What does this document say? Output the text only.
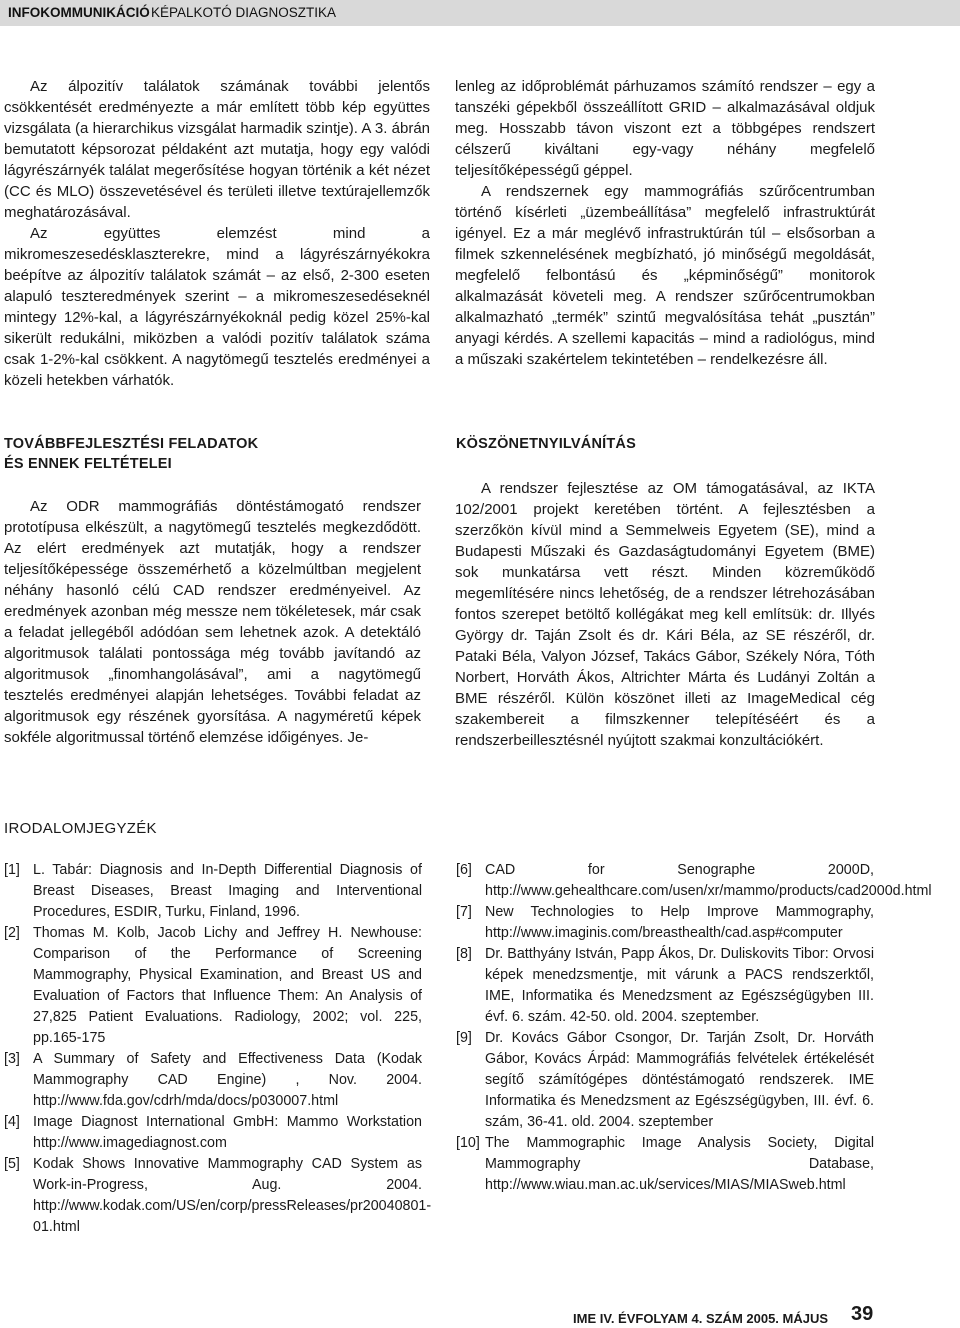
INFOKOMMUNIKÁCIÓ KÉPALKOTÓ DIAGNOSZTIKA

Az álpozitív találatok számának további jelentős csökkentését eredményezte a már említett több kép együttes vizsgálata (a hierarchikus vizsgálat harmadik szintje). A 3. ábrán bemutatott képsorozat példaként azt mutatja, hogy egy valódi lágyrészárnyék találat megerősítése hogyan történik a két nézet (CC és MLO) összevetésével és területi illetve textúrajellemzők meghatározásával.

Az együttes elemzést mind a mikromeszesedésklaszterekre, mind a lágyrészárnyékokra beépítve az álpozitív találatok számát – az első, 2-300 eseten alapuló teszteredmények szerint – a mikromeszesedéseknél mintegy 12%-kal, a lágyrészárnyékoknál pedig közel 25%-kal sikerült redukálni, miközben a valódi pozitív találatok száma csak 1-2%-kal csökkent. A nagytömegű tesztelés eredményei a közeli hetekben várhatók.

lenleg az időproblémát párhuzamos számító rendszer – egy a tanszéki gépekből összeállított GRID – alkalmazásával oldjuk meg. Hosszabb távon viszont ezt a többgépes rendszert célszerű kiváltani egy-vagy néhány megfelelő teljesítőképességű géppel.

A rendszernek egy mammográfiás szűrőcentrumban történő kísérleti „üzembeállítása” megfelelő infrastruktúrát igényel. Ez a már meglévő infrastruktúrán túl – elsősorban a filmek szkennelésének megbízható, jó minőségű megoldását, megfelelő felbontású és „képminőségű” monitorok alkalmazását követeli meg. A rendszer szűrőcentrumokban alkalmazható „termék” szintű megvalósítása tehát „pusztán” anyagi kérdés. A szellemi kapacitás – mind a radiológus, mind a műszaki szakértelem tekintetében – rendelkezésre áll.

TOVÁBBFEJLESZTÉSI FELADATOK
ÉS ENNEK FELTÉTELEI
KÖSZÖNETNYILVÁNÍTÁS

Az ODR mammográfiás döntéstámogató rendszer prototípusa elkészült, a nagytömegű tesztelés megkezdődött. Az elért eredmények azt mutatják, hogy a rendszer teljesítőképessége összemérhető a közelmúltban megjelent néhány hasonló célú CAD rendszer eredményeivel. Az eredmények azonban még messze nem tökéletesek, már csak a feladat jellegéből adódóan sem lehetnek azok. A detektáló algoritmusok találati pontossága még tovább javítandó az algoritmusok „finomhangolásával”, ami a nagytömegű tesztelés eredményei alapján lehetséges. További feladat az algoritmusok egy részének gyorsítása. A nagyméretű képek sokféle algoritmussal történő elemzése időigényes. Je-

A rendszer fejlesztése az OM támogatásával, az IKTA 102/2001 projekt keretében történt. A fejlesztésben a szerzőkön kívül mind a Semmelweis Egyetem (SE), mind a Budapesti Műszaki és Gazdaságtudományi Egyetem (BME) sok munkatársa vett részt. Minden közreműködő megemlítésére nincs lehetőség, de a rendszer létrehozásában fontos szerepet betöltő kollégákat meg kell említsük: dr. Illyés György dr. Taján Zsolt és dr. Kári Béla, az SE részéről, dr. Pataki Béla, Valyon József, Takács Gábor, Székely Nóra, Tóth Norbert, Horváth Ákos, Altrichter Márta és Ludányi Zoltán a BME részéről. Külön köszönet illeti az ImageMedical cég szakembereit a filmszkenner telepítéséért és a rendszerbeillesztésnél nyújtott szakmai konzultációkért.

IRODALOMJEGYZÉK
[1] L. Tabár: Diagnosis and In-Depth Differential Diagnosis of Breast Diseases, Breast Imaging and Interventional Procedures, ESDIR, Turku, Finland, 1996.
[2] Thomas M. Kolb, Jacob Lichy and Jeffrey H. Newhouse: Comparison of the Performance of Screening Mammography, Physical Examination, and Breast US and Evaluation of Factors that Influence Them: An Analysis of 27,825 Patient Evaluations. Radiology, 2002; vol. 225, pp.165-175
[3] A Summary of Safety and Effectiveness Data (Kodak Mammography CAD Engine) , Nov. 2004. http://www.fda.gov/cdrh/mda/docs/p030007.html
[4] Image Diagnost International GmbH: Mammo Workstation http://www.imagediagnost.com
[5] Kodak Shows Innovative Mammography CAD System as Work-in-Progress, Aug. 2004. http://www.kodak.com/US/en/corp/pressReleases/pr20040801-01.html
[6] CAD for Senographe 2000D, http://www.gehealthcare.com/usen/xr/mammo/products/cad2000d.html
[7] New Technologies to Help Improve Mammography, http://www.imaginis.com/breasthealth/cad.asp#computer
[8] Dr. Batthyány István, Papp Ákos, Dr. Duliskovits Tibor: Orvosi képek menedzsmentje, mit várunk a PACS rendszerktől, IME, Informatika és Menedzsment az Egészségügyben III. évf. 6. szám. 42-50. old. 2004. szeptember.
[9] Dr. Kovács Gábor Csongor, Dr. Tarján Zsolt, Dr. Horváth Gábor, Kovács Árpád: Mammográfiás felvételek értékelését segítő számítógépes döntéstámogató rendszerek. IME Informatika és Menedzsment az Egészségügyben, III. évf. 6. szám, 36-41. old. 2004. szeptember
[10] The Mammographic Image Analysis Society, Digital Mammography Database, http://www.wiau.man.ac.uk/services/MIAS/MIASweb.html
IME IV. ÉVFOLYAM 4. SZÁM 2005. MÁJUS 39
